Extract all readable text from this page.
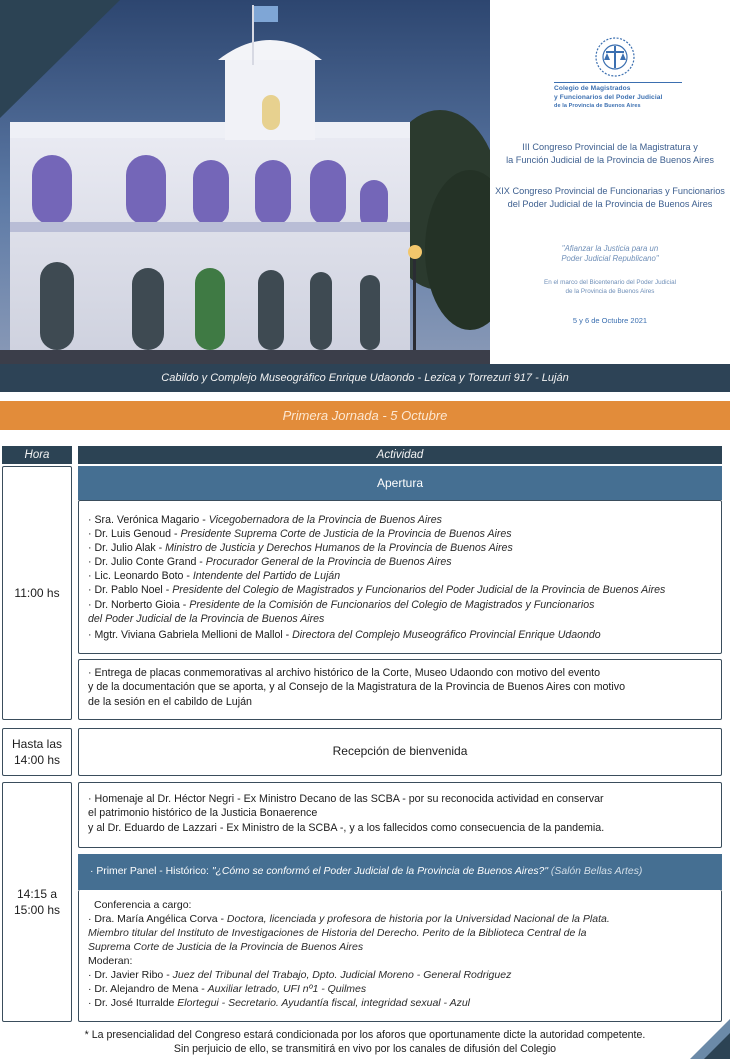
Colegio de Magistrados
y Funcionarios del Poder Judicial
de la Provincia de Buenos Aires
III Congreso Provincial de la Magistratura y
la Función Judicial de la Provincia de Buenos Aires
XIX Congreso Provincial de Funcionarias y Funcionarios
del Poder Judicial de la Provincia de Buenos Aires
"Afianzar la Justicia para un
Poder Judicial Republicano"
En el marco del Bicentenario del Poder Judicial
de la Provincia de Buenos Aires
5 y 6 de Octubre 2021
Cabildo y Complejo Museográfico Enrique Udaondo - Lezica y Torrezuri 917 - Luján
Primera Jornada - 5 Octubre
Hora	Actividad
11:00 hs
Apertura
· Sra. Verónica Magario - Vicegobernadora de la Provincia de Buenos Aires
· Dr. Luis Genoud - Presidente Suprema Corte de Justicia de la Provincia de Buenos Aires
· Dr. Julio Alak - Ministro de Justicia y Derechos Humanos de la Provincia de Buenos Aires
· Dr. Julio Conte Grand - Procurador General de la Provincia de Buenos Aires
· Lic. Leonardo Boto - Intendente del Partido de Luján
· Dr. Pablo Noel - Presidente del Colegio de Magistrados y Funcionarios del Poder Judicial de la Provincia de Buenos Aires
· Dr. Norberto Gioia - Presidente de la Comisión de Funcionarios del Colegio de Magistrados y Funcionarios
del Poder Judicial de la Provincia de Buenos Aires
· Mgtr. Viviana Gabriela Mellioni de Mallol - Directora del Complejo Museográfico Provincial Enrique Udaondo
· Entrega de placas conmemorativas al archivo histórico de la Corte, Museo Udaondo con motivo del evento
y de la documentación que se aporta, y al Consejo de la Magistratura de la Provincia de Buenos Aires con motivo
de la sesión en el cabildo de Luján
Hasta las
14:00 hs
Recepción de bienvenida
14:15 a
15:00 hs
· Homenaje al Dr. Héctor Negri - Ex Ministro Decano de las SCBA - por su reconocida actividad en conservar
el patrimonio histórico de la Justicia Bonaerence
y al Dr. Eduardo de Lazzari - Ex Ministro de la SCBA -, y a los fallecidos como consecuencia de la pandemia.
· Primer Panel - Histórico: "¿Cómo se conformó el Poder Judicial de la Provincia de Buenos Aires?" (Salón Bellas Artes)
Conferencia a cargo:
· Dra. María Angélica Corva - Doctora, licenciada y profesora de historia por la Universidad Nacional de la Plata.
Miembro titular del Instituto de Investigaciones de Historia del Derecho. Perito de la Biblioteca Central de la
Suprema Corte de Justicia de la Provincia de Buenos Aires
Moderan:
· Dr. Javier Ribo - Juez del Tribunal del Trabajo, Dpto. Judicial Moreno - General Rodriguez
· Dr. Alejandro de Mena - Auxiliar letrado, UFI nº1 - Quilmes
· Dr. José Iturralde Elortegui - Secretario. Ayudantía fiscal, integridad sexual - Azul
* La presencialidad del Congreso estará condicionada por los aforos que oportunamente dicte la autoridad competente.
Sin perjuicio de ello, se transmitirá en vivo por los canales de difusión del Colegio
